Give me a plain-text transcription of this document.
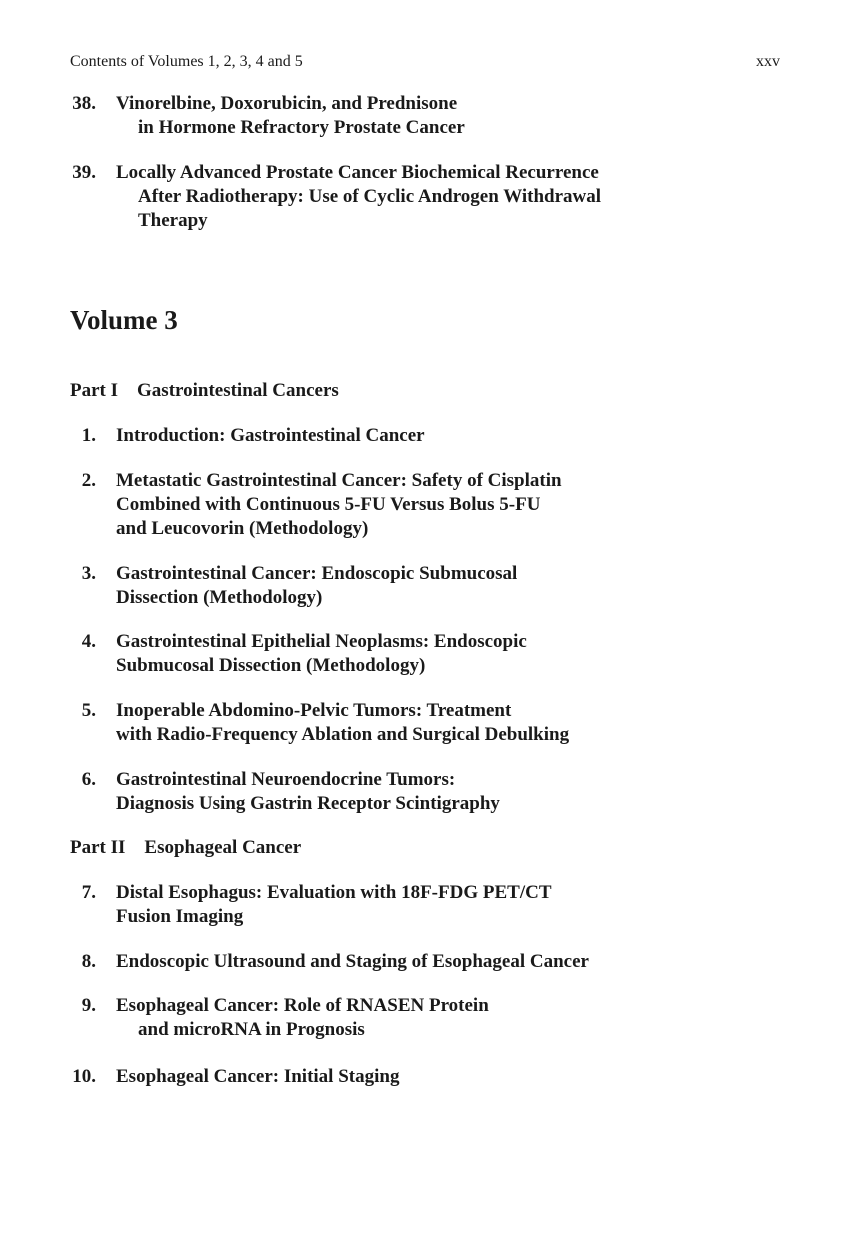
Contents of Volumes 1, 2, 3, 4 and 5	xxv
38. Vinorelbine, Doxorubicin, and Prednisone
in Hormone Refractory Prostate Cancer
39. Locally Advanced Prostate Cancer Biochemical Recurrence
After Radiotherapy: Use of Cyclic Androgen Withdrawal
Therapy
Volume 3
Part I Gastrointestinal Cancers
1. Introduction: Gastrointestinal Cancer
2. Metastatic Gastrointestinal Cancer: Safety of Cisplatin
Combined with Continuous 5-FU Versus Bolus 5-FU
and Leucovorin (Methodology)
3. Gastrointestinal Cancer: Endoscopic Submucosal
Dissection (Methodology)
4. Gastrointestinal Epithelial Neoplasms: Endoscopic
Submucosal Dissection (Methodology)
5. Inoperable Abdomino-Pelvic Tumors: Treatment
with Radio-Frequency Ablation and Surgical Debulking
6. Gastrointestinal Neuroendocrine Tumors:
Diagnosis Using Gastrin Receptor Scintigraphy
Part II Esophageal Cancer
7. Distal Esophagus: Evaluation with 18F-FDG PET/CT
Fusion Imaging
8. Endoscopic Ultrasound and Staging of Esophageal Cancer
9. Esophageal Cancer: Role of RNASEN Protein
and microRNA in Prognosis
10. Esophageal Cancer: Initial Staging
